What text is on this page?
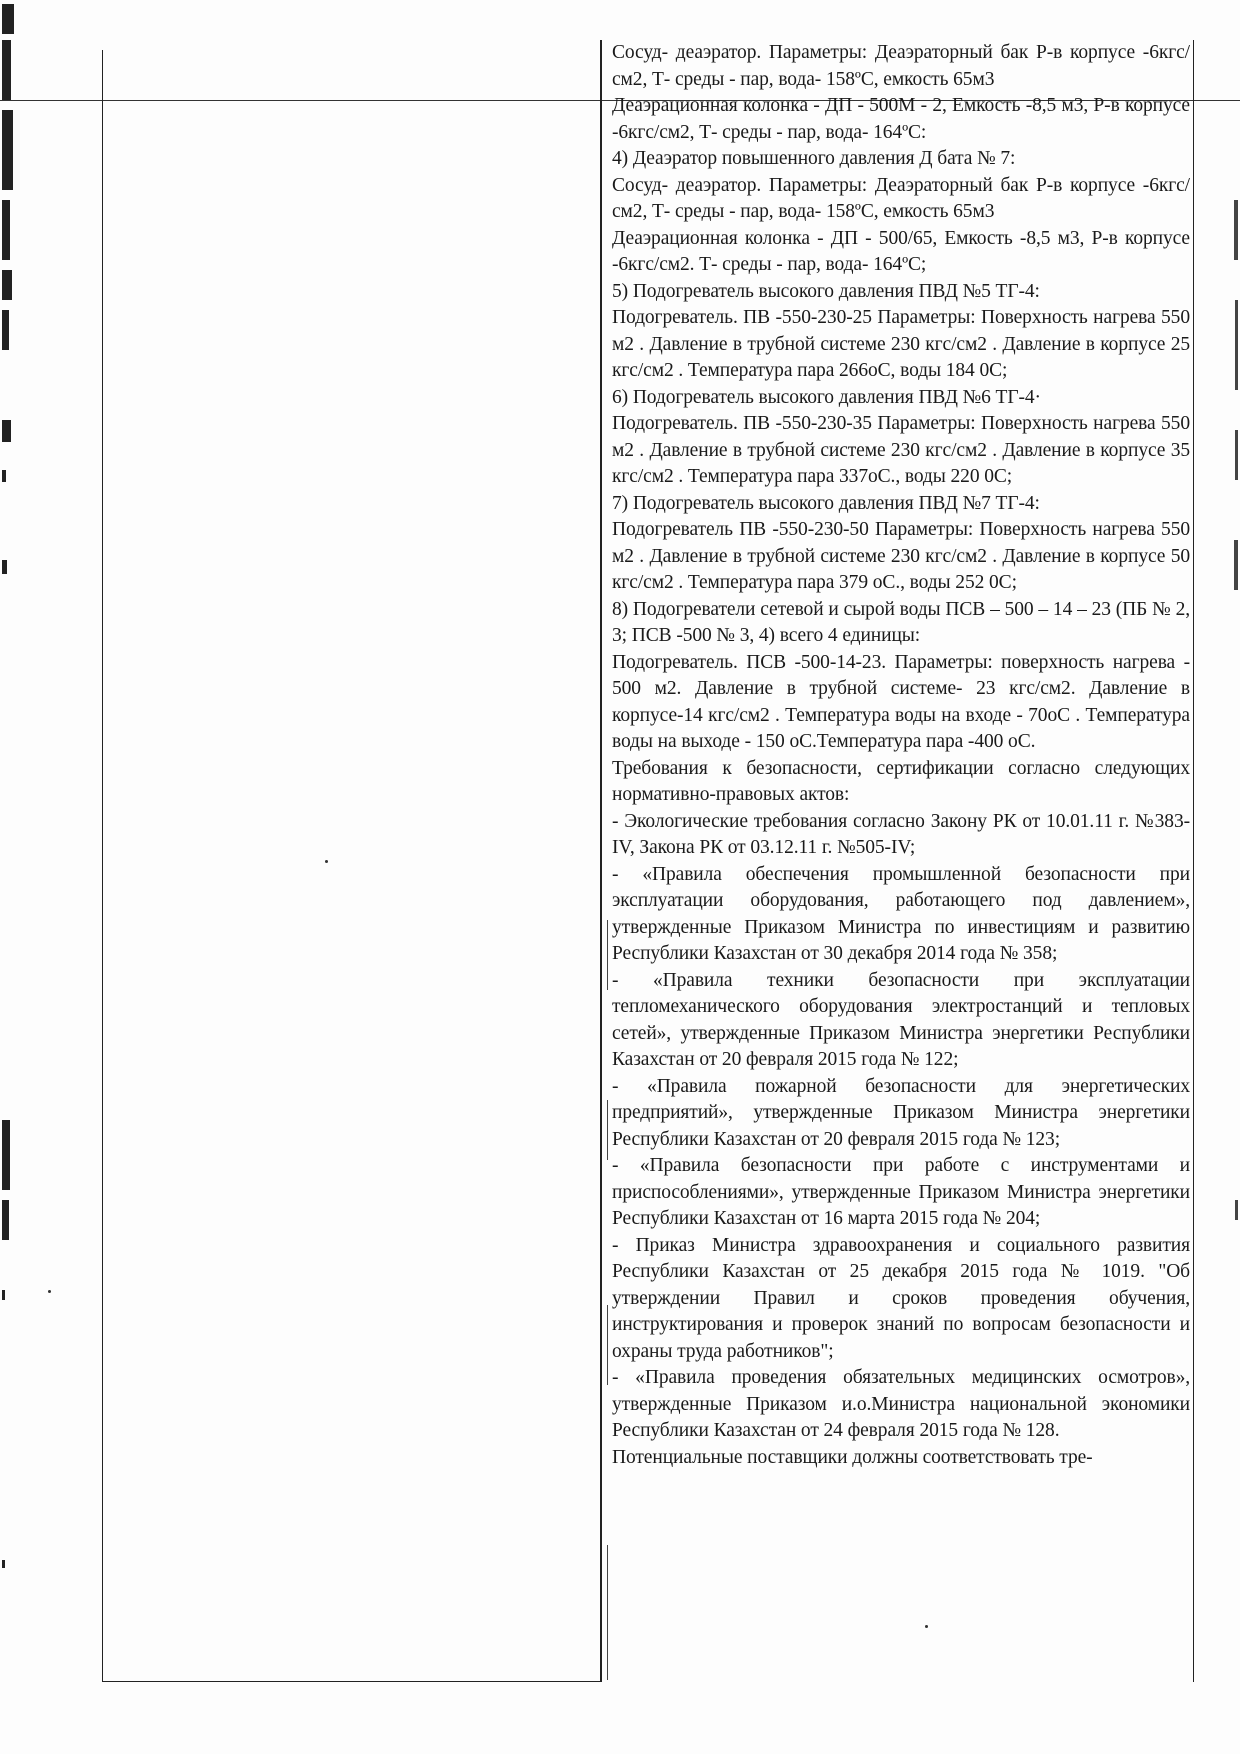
Сосуд- деаэратор. Параметры: Деаэраторный бак Р-в корпусе -6кгс/см2, Т- среды - пар, вода- 158ºС, емкость 65м3

Деаэрационная колонка - ДП - 500М - 2, Емкость -8,5 м3, Р-в корпусе -6кгс/см2, Т- среды - пар, вода- 164ºС:

4) Деаэратор повышенного давления Д бата № 7:

Сосуд- деаэратор. Параметры: Деаэраторный бак Р-в корпусе -6кгс/см2, Т- среды - пар, вода- 158ºС, емкость 65м3

Деаэрационная колонка - ДП - 500/65, Емкость -8,5 м3, Р-в корпусе -6кгс/см2. Т- среды - пар, вода- 164ºС;

5) Подогреватель высокого давления ПВД №5 ТГ-4:

Подогреватель. ПВ -550-230-25 Параметры: Поверхность нагрева 550 м2 . Давление в трубной системе 230 кгс/см2 . Давление в корпусе 25 кгс/см2 . Температура пара 266оС, воды 184 0С;

6) Подогреватель высокого давления ПВД №6 ТГ-4·

Подогреватель. ПВ -550-230-35 Параметры: Поверхность нагрева 550 м2 . Давление в трубной системе 230 кгс/см2 . Давление в корпусе 35 кгс/см2 . Температура пара 337оС., воды 220 0С;

7) Подогреватель высокого давления ПВД №7 ТГ-4:

Подогреватель ПВ -550-230-50 Параметры: Поверхность нагрева 550 м2 . Давление в трубной системе 230 кгс/см2 . Давление в корпусе 50 кгс/см2 . Температура пара 379 оС., воды 252 0С;

8) Подогреватели сетевой и сырой воды ПСВ – 500 – 14 – 23 (ПБ № 2, 3; ПСВ -500 № 3, 4) всего 4 единицы:

Подогреватель. ПСВ -500-14-23. Параметры: поверхность нагрева - 500 м2. Давление в трубной системе- 23 кгс/см2. Давление в корпусе-14 кгс/см2 . Температура воды на входе - 70оС . Температура воды на выходе - 150 оС.Температура пара -400 оС.

Требования к безопасности, сертификации согласно следующих нормативно-правовых актов:

- Экологические требования согласно Закону РК от 10.01.11 г. №383-IV, Закона РК от 03.12.11 г. №505-IV;

- «Правила обеспечения промышленной безопасности при эксплуатации оборудования, работающего под давлением», утвержденные Приказом Министра по инвестициям и развитию Республики Казахстан от 30 декабря 2014 года № 358;

- «Правила техники безопасности при эксплуатации тепломеханического оборудования электростанций и тепловых сетей», утвержденные Приказом Министра энергетики Республики Казахстан от 20 февраля 2015 года № 122;

- «Правила пожарной безопасности для энергетических предприятий», утвержденные Приказом Министра энергетики Республики Казахстан от 20 февраля 2015 года № 123;

- «Правила безопасности при работе с инструментами и приспособлениями», утвержденные Приказом Министра энергетики Республики Казахстан от 16 марта 2015 года № 204;

- Приказ Министра здравоохранения и социального развития Республики Казахстан от 25 декабря 2015 года № 1019. "Об утверждении Правил и сроков проведения обучения, инструктирования и проверок знаний по вопросам безопасности и охраны труда работников";

- «Правила проведения обязательных медицинских осмотров», утвержденные Приказом и.о.Министра национальной экономики Республики Казахстан от 24 февраля 2015 года № 128.

Потенциальные поставщики должны соответствовать тре-
